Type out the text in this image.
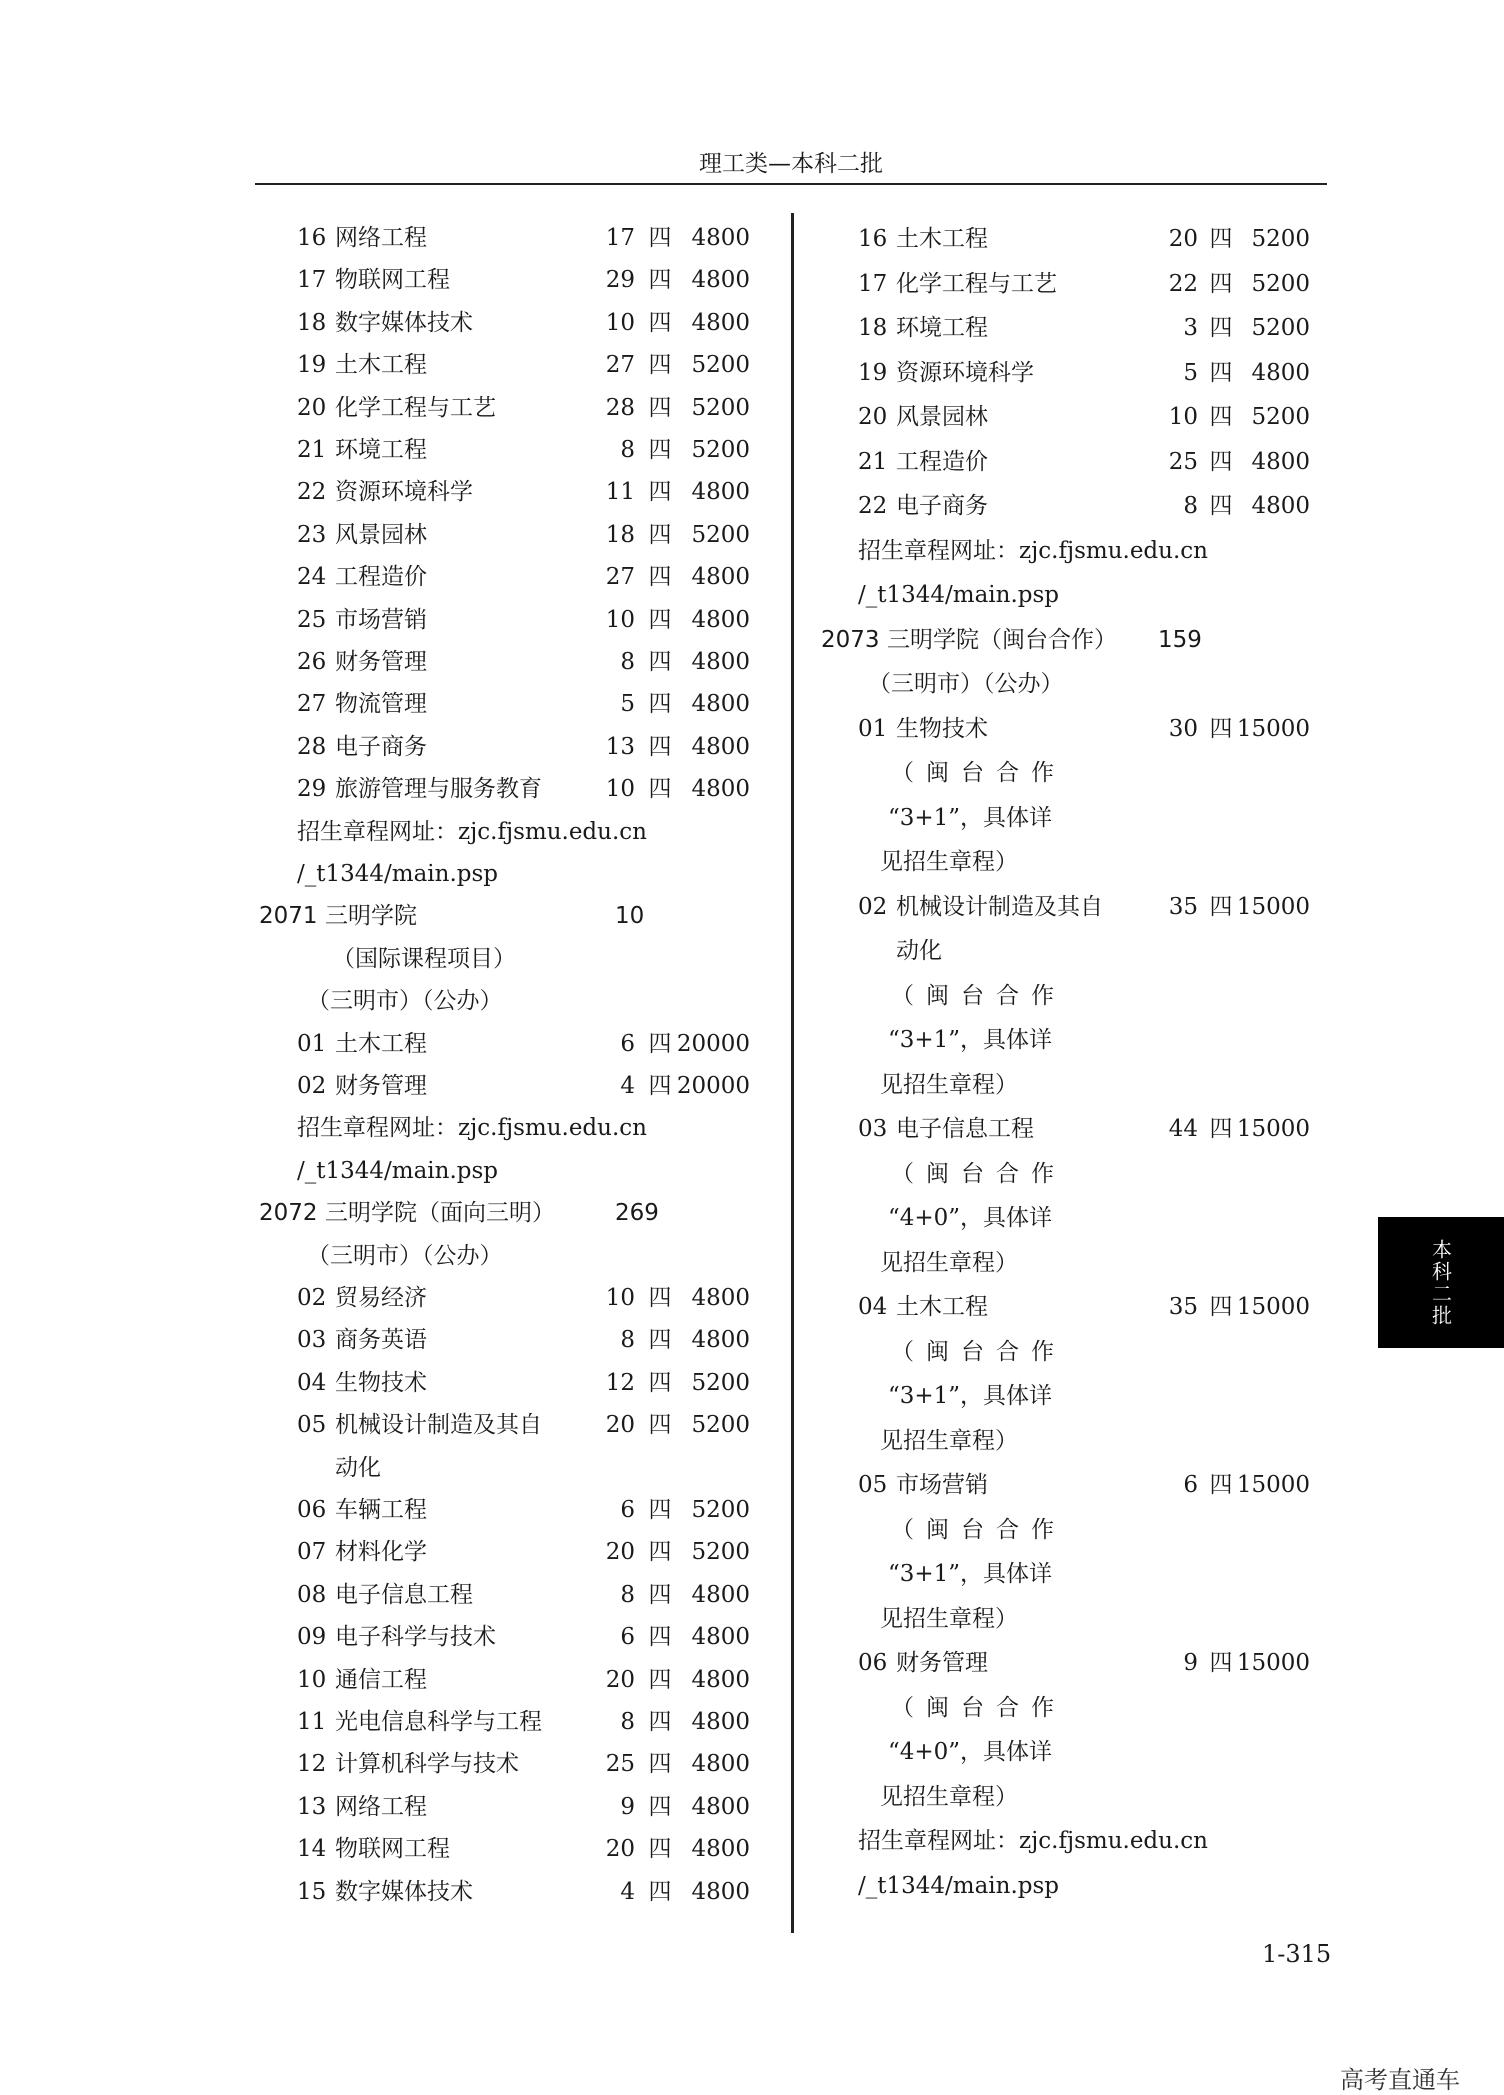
理工类—本科二批
16 网络工程	17 四 4800
17 物联网工程	29 四 4800
18 数字媒体技术	10 四 4800
19 土木工程	27 四 5200
20 化学工程与工艺	28 四 5200
21 环境工程	8 四 5200
22 资源环境科学	11 四 4800
23 风景园林	18 四 5200
24 工程造价	27 四 4800
25 市场营销	10 四 4800
26 财务管理	8 四 4800
27 物流管理	5 四 4800
28 电子商务	13 四 4800
29 旅游管理与服务教育	10 四 4800
招生章程网址：zjc.fjsmu.edu.cn
/_t1344/main.psp
2071 三明学院	10
（国际课程项目）
（三明市）（公办）
01 土木工程	6 四 20000
02 财务管理	4 四 20000
招生章程网址：zjc.fjsmu.edu.cn
/_t1344/main.psp
2072 三明学院（面向三明）	269
（三明市）（公办）
02 贸易经济	10 四 4800
03 商务英语	8 四 4800
04 生物技术	12 四 5200
05 机械设计制造及其自	20 四 5200
动化
06 车辆工程	6 四 5200
07 材料化学	20 四 5200
08 电子信息工程	8 四 4800
09 电子科学与技术	6 四 4800
10 通信工程	20 四 4800
11 光电信息科学与工程	8 四 4800
12 计算机科学与技术	25 四 4800
13 网络工程	9 四 4800
14 物联网工程	20 四 4800
15 数字媒体技术	4 四 4800
16 土木工程	20 四 5200
17 化学工程与工艺	22 四 5200
18 环境工程	3 四 5200
19 资源环境科学	5 四 4800
20 风景园林	10 四 5200
21 工程造价	25 四 4800
22 电子商务	8 四 4800
招生章程网址：zjc.fjsmu.edu.cn
/_t1344/main.psp
2073 三明学院（闽台合作） 159
（三明市）（公办）
01 生物技术	30 四 15000
（闽台合作
“3+1”，具体详
见招生章程）
02 机械设计制造及其自	35 四 15000
动化
（闽台合作
“3+1”，具体详
见招生章程）
03 电子信息工程	44 四 15000
（闽台合作
“4+0”，具体详
见招生章程）
04 土木工程	35 四 15000
（闽台合作
“3+1”，具体详
见招生章程）
05 市场营销	6 四 15000
（闽台合作
“3+1”，具体详
见招生章程）
06 财务管理	9 四 15000
（闽台合作
“4+0”，具体详
见招生章程）
招生章程网址：zjc.fjsmu.edu.cn
/_t1344/main.psp
本科二批
1-315
高考直通车
